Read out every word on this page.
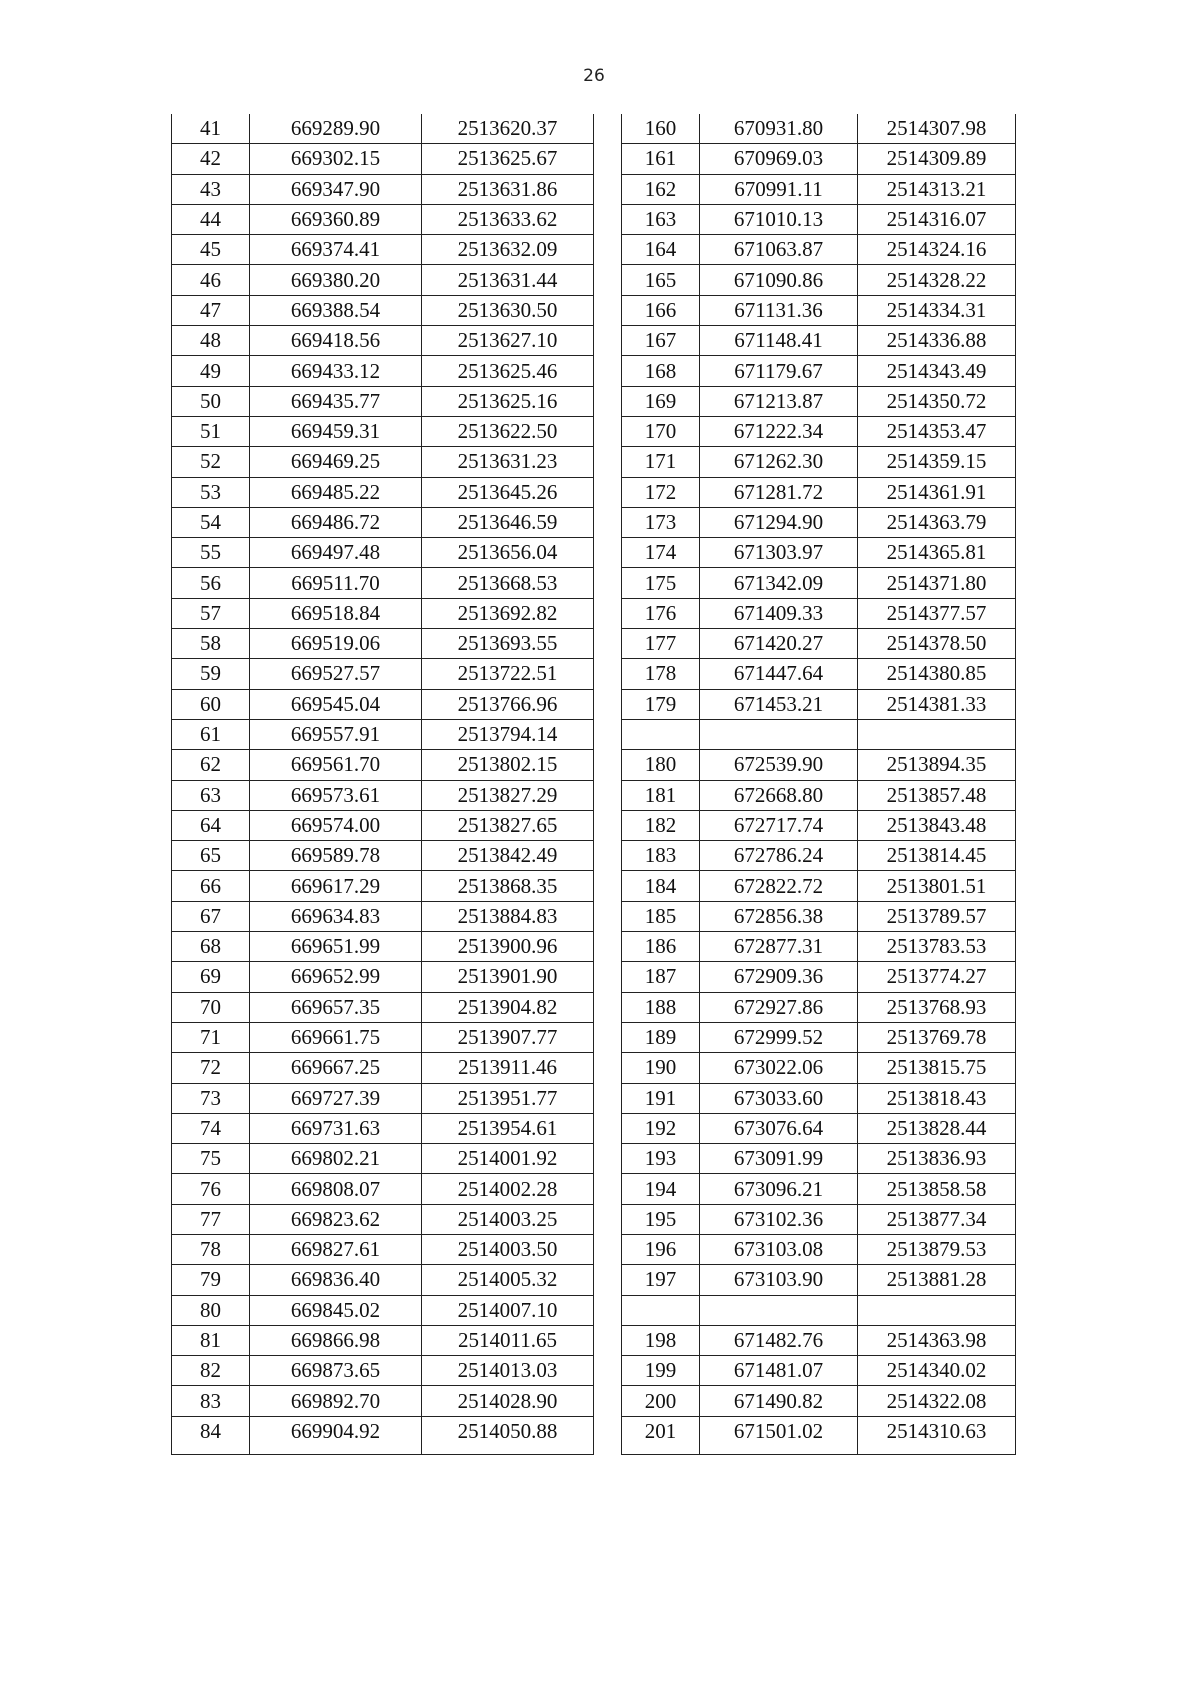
26
41	669289.90	2513620.37
42	669302.15	2513625.67
43	669347.90	2513631.86
44	669360.89	2513633.62
45	669374.41	2513632.09
46	669380.20	2513631.44
47	669388.54	2513630.50
48	669418.56	2513627.10
49	669433.12	2513625.46
50	669435.77	2513625.16
51	669459.31	2513622.50
52	669469.25	2513631.23
53	669485.22	2513645.26
54	669486.72	2513646.59
55	669497.48	2513656.04
56	669511.70	2513668.53
57	669518.84	2513692.82
58	669519.06	2513693.55
59	669527.57	2513722.51
60	669545.04	2513766.96
61	669557.91	2513794.14
62	669561.70	2513802.15
63	669573.61	2513827.29
64	669574.00	2513827.65
65	669589.78	2513842.49
66	669617.29	2513868.35
67	669634.83	2513884.83
68	669651.99	2513900.96
69	669652.99	2513901.90
70	669657.35	2513904.82
71	669661.75	2513907.77
72	669667.25	2513911.46
73	669727.39	2513951.77
74	669731.63	2513954.61
75	669802.21	2514001.92
76	669808.07	2514002.28
77	669823.62	2514003.25
78	669827.61	2514003.50
79	669836.40	2514005.32
80	669845.02	2514007.10
81	669866.98	2514011.65
82	669873.65	2514013.03
83	669892.70	2514028.90
84	669904.92	2514050.88
160	670931.80	2514307.98
161	670969.03	2514309.89
162	670991.11	2514313.21
163	671010.13	2514316.07
164	671063.87	2514324.16
165	671090.86	2514328.22
166	671131.36	2514334.31
167	671148.41	2514336.88
168	671179.67	2514343.49
169	671213.87	2514350.72
170	671222.34	2514353.47
171	671262.30	2514359.15
172	671281.72	2514361.91
173	671294.90	2514363.79
174	671303.97	2514365.81
175	671342.09	2514371.80
176	671409.33	2514377.57
177	671420.27	2514378.50
178	671447.64	2514380.85
179	671453.21	2514381.33

180	672539.90	2513894.35
181	672668.80	2513857.48
182	672717.74	2513843.48
183	672786.24	2513814.45
184	672822.72	2513801.51
185	672856.38	2513789.57
186	672877.31	2513783.53
187	672909.36	2513774.27
188	672927.86	2513768.93
189	672999.52	2513769.78
190	673022.06	2513815.75
191	673033.60	2513818.43
192	673076.64	2513828.44
193	673091.99	2513836.93
194	673096.21	2513858.58
195	673102.36	2513877.34
196	673103.08	2513879.53
197	673103.90	2513881.28

198	671482.76	2514363.98
199	671481.07	2514340.02
200	671490.82	2514322.08
201	671501.02	2514310.63
